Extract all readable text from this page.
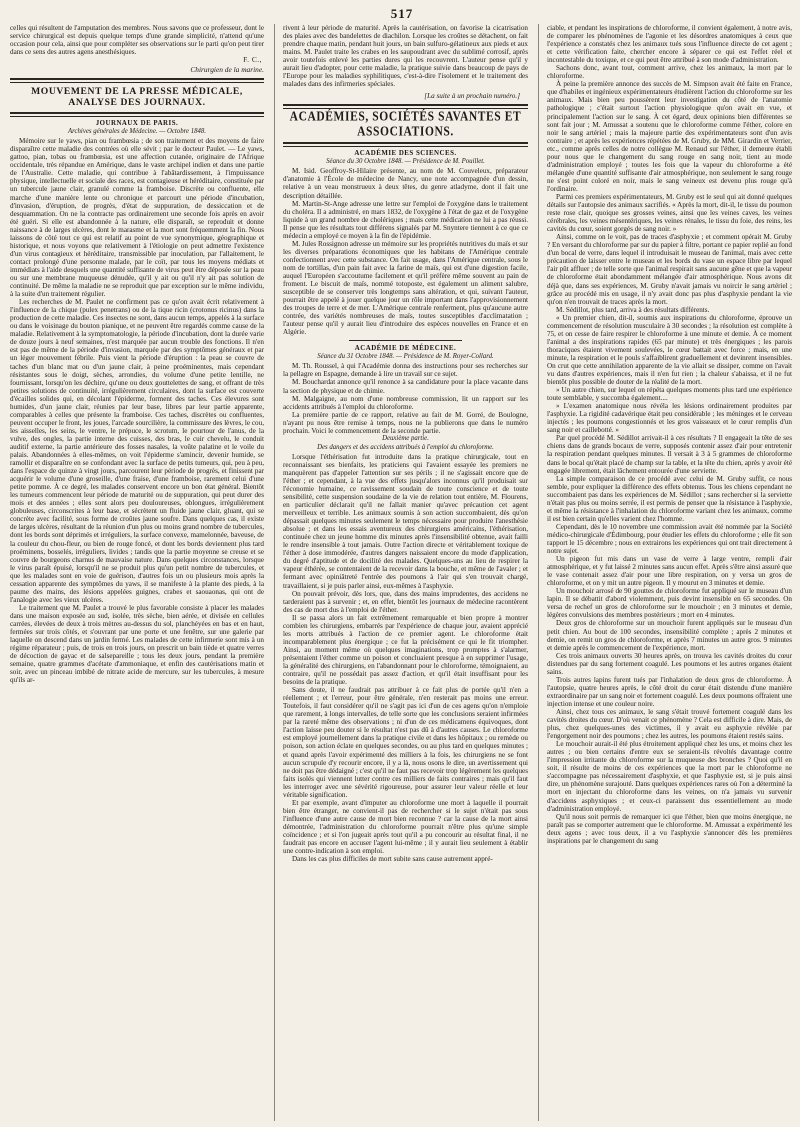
517

celles qui résultent de l'amputation des membres. Nous savons que ce professeur, dont le service chirurgical est depuis quelque temps d'une grande simplicité, n'attend qu'une occasion pour cela, ainsi que pour compléter ses observations sur le parti qu'on peut tirer dans ce sens des autres agens anesthésiques.

F. C.,
Chirurgien de la marine.
MOUVEMENT DE LA PRESSE MÉDICALE, ANALYSE DES JOURNAUX.
JOURNAUX DE PARIS.
Archives générales de Médecine. — Octobre 1848.

Mémoire sur le yaws, pian ou frambœsia ; de son traitement et des moyens de faire disparaître cette maladie des contrées où elle sévit ; par le docteur Paulet. — Le yaws, gattoo, pian, tobas ou frambœsia, est une affection cutanée, originaire de l'Afrique occidentale, très répandue en Amérique, dans le vaste archipel indien et dans une partie de l'Australie. Cette maladie, qui contribue à l'abâtardissement, à l'impuissance physique, intellectuelle et sociale des races, est contagieuse et héréditaire, constituée par un tubercule jaune clair, granulé comme la framboise. Discrète ou confluente, elle marche d'une manière lente ou chronique et parcourt une période d'incubation, d'invasion, d'éruption, de progrès, d'état de suppuration, de dessiccation et de desquammation. On ne la contracte pas ordinairement une seconde fois après en avoir été guéri. Si elle est abandonnée à la nature, elle disparaît, se reproduit et donne naissance à de larges ulcères, dont le marasme et la mort sont fréquemment la fin. Nous laissons de côté tout ce qui est relatif au point de vue synonymique, géographique et historique, et nous voyons que relativement à l'étiologie on peut admettre l'existence d'un virus contagieux et héréditaire, transmissible par inoculation, par l'allaitement, le contact prolongé d'une personne malade, par le coït, par tous les moyens médiats et immédiats à l'aide desquels une quantité suffisante de virus peut être déposée sur la peau ou sur une membrane muqueuse dénudée, qu'il y ait ou qu'il n'y ait pas solution de continuité. De même la maladie ne se reproduit que par exception sur le même individu, à la suite d'un traitement régulier.

Les recherches de M. Paulet ne confirment pas ce qu'on avait écrit relativement à l'influence de la chique (pulex penetrans) ou de la tique ricin (crotonus ricinus) dans la production de cette maladie. Ces insectes ne sont, dans aucun temps, appelés à la surface ou dans le voisinage du bouton pianique, et ne peuvent être regardés comme cause de la maladie. Relativement à la symptomatologie, la période d'incubation, dont la durée varie de douze jours à neuf semaines, n'est marquée par aucun trouble des fonctions. Il n'en est pas de même de la période d'invasion, marquée par des symptômes généraux et par un léger mouvement fébrile. Puis vient la période d'éruption : la peau se couvre de taches d'un blanc mat ou d'un jaune clair, à peine proéminentes, mais cependant résistantes sous le doigt, sèches, arrondies, du volume d'une petite lentille, ne fournissant, lorsqu'on les déchire, qu'une ou deux gouttelettes de sang, et offrant de très petites solutions de continuité, irrégulièrement circulaires, dont la surface est couverte d'écailles solides qui, en décolant l'épiderme, forment des taches. Ces élevures sont humides, d'un jaune clair, réunies par leur base, libres par leur partie apparente, comparables à celles que présente la framboise. Ces taches, discrètes ou confluentes, peuvent occuper le front, les joues, l'arcade sourcilière, la commissure des lèvres, le cou, les aisselles, les seins, le ventre, le prépuce, le scrotum, le pourtour de l'anus, de la vulve, des ongles, la partie interne des cuisses, des bras, le cuir chevelu, le conduit auditif externe, la partie antérieure des fosses nasales, la voûte palatine et le voile du palais. Abandonnées à elles-mêmes, on voit l'épiderme s'amincir, devenir humide, se ramollir et disparaître en se confondant avec la surface de petits tumeurs, qui, peu à peu, dans l'espace de quinze à vingt jours, parcourent leur période de progrès, et finissent par acquérir le volume d'une groseille, d'une fraise, d'une framboise, rarement celui d'une petite pomme. À ce degré, les malades conservent encore un bon état général. Bientôt les tumeurs commencent leur période de maturité ou de suppuration, qui peut durer des mois et des années ; elles sont alors peu douloureuses, oblongues, irrégulièrement globuleuses, circonscrites à leur base, et sécrètent un fluide jaune clair, gluant, qui se concrète avec facilité, sous forme de croûtes jaune soufre. Dans quelques cas, il existe de larges ulcères, résultant de la réunion d'un plus ou moins grand nombre de tubercules, dont les bords sont déprimés et irréguliers, la surface convexe, mamelonnée, baveuse, de la couleur du chou-fleur, ou bien de rouge foncé, et dont les bords deviennent plus tard proéminens, bosselés, irréguliers, livides ; tandis que la partie moyenne se creuse et se couvre de bourgeons charnus de mauvaise nature. Dans quelques circonstances, lorsque le virus paraît épuisé, lorsqu'il ne se produit plus qu'un petit nombre de tubercules, et que les malades sont en voie de guérison, d'autres fois un ou plusieurs mois après la cessation apparente des symptômes du yaws, il se manifeste à la plante des pieds, à la paume des mains, des lésions appelées guignes, crabes et saouaonas, qui ont de l'analogie avec les vieux ulcères.

Le traitement que M. Paulet a trouvé le plus favorable consiste à placer les malades dans une maison exposée au sud, isolée, très sèche, bien aérée, et divisée en cellules carrées, élevées de deux à trois mètres au-dessus du sol, planchéyées en bas et en haut, fermées sur trois côtés, et s'ouvrant par une porte et une fenêtre, sur une galerie par laquelle on descend dans un jardin fermé. Les malades de cette infirmerie sont mis à un régime réparateur ; puis, de trois en trois jours, on prescrit un bain tiède et quatre verres de décoction de gayac et de salsepareille ; tous les deux jours, pendant la première semaine, quatre grammes d'acétate d'ammoniaque, et enfin des cautérisations matin et soir, avec un pinceau imbibé de nitrate acide de mercure, sur les tubercules, à mesure qu'ils ar-

rivent à leur période de maturité. Après la cautérisation, on favorise la cicatrisation des plaies avec des bandelettes de diachilon. Lorsque les croûtes se détachent, on fait prendre chaque matin, pendant huit jours, un bain sulfuro-gélatineux aux pieds et aux mains. M. Paulet traite les crabes en les saupoudrant avec du sublimé corrosif, après avoir toutefois enlevé les parties dures qui les recouvrent. L'auteur pense qu'il y aurait lieu d'adopter, pour cette maladie, la pratique suivie dans beaucoup de pays de l'Europe pour les maladies syphilitiques, c'est-à-dire l'isolement et le traitement des malades dans des infirmeries spéciales.

[La suite à un prochain numéro.]
ACADÉMIES, SOCIÉTÉS SAVANTES ET ASSOCIATIONS.
ACADÉMIE DES SCIENCES.
Séance du 30 Octobre 1848. — Présidence de M. Pouillet.

M. Isid. Geoffroy-St-Hilaire présente, au nom de M. Couveleux, préparateur d'anatomie à l'École de médecine de Nancy, une note accompagnée d'un dessin, relative à un veau monstrueux à deux têtes, du genre atladyme, dont il fait une description détaillée.

M. Martin-St-Ange adresse une lettre sur l'emploi de l'oxygène dans le traitement du choléra. Il a administré, en mars 1832, de l'oxygène à l'état de gaz et de l'oxygène liquide à un grand nombre de cholériques ; mais cette médication ne lui a pas réussi. Il pense que les résultats tout différens signalés par M. Snyntere tiennent à ce que ce médecin a employé ce moyen à la fin de l'épidémie.

M. Jules Rossignon adresse un mémoire sur les propriétés nutritives du maïs et sur les diverses préparations économiques que les habitans de l'Amérique centrale confectionnent avec cette substance. On fait usage, dans l'Amérique centrale, sous le nom de tortillas, d'un pain fait avec la farine de maïs, qui est d'une digestion facile, auquel l'Européen s'accoutume facilement et qu'il préfère même souvent au pain de froment. Le biscuit de maïs, nommé totoposte, est également un aliment salubre, susceptible de se conserver très longtemps sans altération, et qui, suivant l'auteur, pourrait être appelé à jouer quelque jour un rôle important dans l'approvisionnement des troupes de terre et de mer. L'Amérique centrale renferment, plus qu'aucune autre contrée, des variétés nombreuses de maïs, toutes susceptibles d'acclimatation ; l'auteur pense qu'il y aurait lieu d'introduire des espèces nouvelles en France et en Algérie.

ACADÉMIE DE MÉDECINE.
Séance du 31 Octobre 1848. — Présidence de M. Royer-Collard.

M. Th. Roussel, à qui l'Académie donna des instructions pour ses recherches sur la pellagre en Espagne, demande à lire un travail sur ce sujet.

M. Bouchardat annonce qu'il renonce à sa candidature pour la place vacante dans la section de physique et de chimie.

M. Malgaigne, au nom d'une nombreuse commission, lit un rapport sur les accidents attribués à l'emploi du chloroforme.

La première partie de ce rapport, relative au fait de M. Gorré, de Boulogne, n'ayant pu nous être remise à temps, nous ne la publierons que dans le numéro prochain. Voici le commencement de la seconde partie.

Deuxième partie.
Des dangers et des accidens attribués à l'emploi du chloroforme.

Lorsque l'éthérisation fut introduite dans la pratique chirurgicale, tout en reconnaissant ses bienfaits, les praticiens qui l'avaient essayée les premiers ne manquèrent pas d'appeler l'attention sur ses périls ; il ne s'agissait encore que de l'éther ; et cependant, à la vue des effets jusqu'alors inconnus qu'il produisait sur l'économie humaine, ce ravissement soudain de toute conscience et de toute sensibilité, cette suspension soudaine de la vie de relation tout entière, M. Flourens, en particulier déclarait qu'il ne fallait manier qu'avec précaution cet agent merveilleux et terrible. Les animaux soumis à son action succombaient, dès qu'on dépassait quelques minutes seulement le temps nécessaire pour produire l'anesthésie absolue ; et dans les essais aventureux des chirurgiens américains, l'éthérisation, continuée chez un jeune homme dix minutes après l'insensibilité obtenue, avait failli le rendre insensible à tout jamais. Outre l'action directe et véritablement toxique de l'éther à dose immodérée, d'autres dangers naissaient encore du mode d'application, du degré d'aptitude et de docilité des malades. Quelques-uns au lieu de respirer la vapeur éthérée, se contentaient de la recevoir dans la bouche, et même de l'avaler ; et fermant avec opiniâtreté l'entrée des poumons à l'air qui s'en trouvait chargé, travaillaient, si je puis parler ainsi, eux-mêmes à l'asphyxie.

On pouvait prévoir, dès lors, que, dans des mains imprudentes, des accidens ne tarderaient pas à survenir ; et, en effet, bientôt les journaux de médecine racontèrent des cas de mort dus à l'emploi de l'éther.

Il se passa alors un fait extrêmement remarquable et bien propre à montrer combien les chirurgiens, embarrés par l'expérience de chaque jour, avaient apprécié les morts attribués à l'action de ce premier agent. Le chloroforme était incomparablement plus énergique ; ce fut la précisément ce qui le fit triompher. Ainsi, au moment même où quelques imaginations, trop promptes à s'alarmer, présentaient l'éther comme un poison et concluaient presque à en supprimer l'usage, la généralité des chirurgiens, en l'abandonnant pour le chloroforme, témoignaient, au contraire, qu'il ne possédait pas assez d'action, et qu'il était insuffisant pour les besoins de la pratique.

Sans doute, il ne faudrait pas attribuer à ce fait plus de portée qu'il n'en a réellement ; et l'erreur, pour être générale, n'en resterait pas moins une erreur. Toutefois, il faut considérer qu'il ne s'agit pas ici d'un de ces agens qu'on n'emploie que rarement, à longs intervalles, de telle sorte que les conclusions seraient infirmées par la rareté même des observations ; ni d'un de ces médicamens équivoques, dont l'action laisse peu douter si le résultat n'est pas dû à d'autres causes. Le chloroforme est employé journellement dans la pratique civile et dans les hôpitaux ; ou remède ou poison, son action éclate en quelques secondes, ou au plus tard en quelques minutes ; et quand après l'avoir expérimenté des milliers à la fois, les chirurgiens ne se font aucun scrupule d'y recourir encore, il y a là, nous osons le dire, un avertissement qui ne doit pas être dédaigné ; c'est qu'il ne faut pas recevoir trop légèrement les quelques faits isolés qui viennent lutter contre ces milliers de faits contraires ; mais qu'il faut les interroger avec une sévérité rigoureuse, pour assurer leur valeur réelle et leur véritable signification.

Et par exemple, avant d'imputer au chloroforme une mort à laquelle il pourrait bien être étranger, ne convient-il pas de rechercher si le sujet n'était pas sous l'influence d'une autre cause de mort bien reconnue ? car la cause de la mort ainsi démontrée, l'administration du chloroforme pourrait n'être plus qu'une simple coïncidence ; et si l'on jugeait après tout qu'il a pu concourir au résultat final, il ne faudrait pas encore en accuser l'agent lui-même ; il y aurait lieu seulement à établir une contre-indication à son emploi.

Dans les cas plus difficiles de mort subite sans cause autrement appré-

ciable, et pendant les inspirations de chloroforme, il convient également, à notre avis, de comparer les phénomènes de l'agonie et les désordres anatomiques à ceux que l'expérience a constatés chez les animaux tués sous l'influence directe de cet agent ; et cette vérification faite, chercher encore à séparer ce qui est l'effet réel et incontestable du toxique, et ce qui peut être attribué à son mode d'administration.

Sachons donc, avant tout, comment arrive, chez les animaux, la mort par le chloroforme.

À peine la première annonce des succès de M. Simpson avait été faite en France, que d'habiles et ingénieux expérimentateurs étudièrent l'action du chloroforme sur les animaux. Mais bien peu poussèrent leur investigation du côté de l'anatomie pathologique ; c'était surtout l'action physiologique qu'on avait en vue, et principalement l'action sur le sang. À cet égard, deux opinions bien différentes se sont fait jour ; M. Amussat a soutenu que le chloroforme comme l'éther, colore en noir le sang artériel ; mais la majeure partie des expérimentateurs sont d'un avis contraire ; et après les expériences répétées de M. Gruby, de MM. Girardin et Verrier, etc., comme après celles de notre collègue M. Renaud sur l'éther, il demeure établi pour nous que le changement du sang rouge en sang noir, tient au mode d'administration employé ; toutes les fois que la vapeur du chloroforme a été mélangée d'une quantité suffisante d'air atmosphérique, non seulement le sang rouge ne s'est point coloré en noir, mais le sang veineux est devenu plus rouge qu'à l'ordinaire.

Parmi ces premiers expérimentateurs, M. Gruby est le seul qui ait donné quelques détails sur l'autopsie des animaux sacrifiés. « Après la mort, dit-il, le tissu du poumon reste rose clair, quoique ses grosses veines, ainsi que les veines caves, les veines cérébrales, les veines mésentériques, les veines rénales, le tissu du foie, des reins, les cavités du cœur, soient gorgés de sang noir. »

Ainsi, comme on le voit, pas de traces d'asphyxie ; et comment opérait M. Gruby ? En versant du chloroforme par sur du papier à filtre, portant ce papier replié au fond d'un bocal de verre, dans lequel il introduisait le museau de l'animal, mais avec cette précaution de laisser entre le museau et les bords du vase un espace libre par lequel l'air pût affluer ; de telle sorte que l'animal respirait sans aucune gêne et que la vapeur de chloroforme était abondamment mélangée d'air atmosphérique. Nous avons dit déjà que, dans ses expériences, M. Gruby n'avait jamais vu noircir le sang artériel ; grâce au procédé mis en usage, il n'y avait donc pas plus d'asphyxie pendant la vie qu'on n'en trouvait de traces après la mort.

M. Sédillot, plus tard, arriva à des résultats différents.

« Un premier chien, dit-il, soumis aux inspirations du chloroforme, éprouve un commencement de résolution musculaire à 30 secondes ; la résolution est complète à 75, et on cesse de faire respirer le chloroforme à une minute et demie. À ce moment l'animal a des inspirations rapides (65 par minute) et très énergiques ; les parois thoraciques étaient vivement soulevées, le cœur battait avec force ; mais, en une minute, la respiration et le pouls s'affaiblirent graduellement et devinrent insensibles. On crut que cette annihilation apparente de la vie allait se dissiper, comme on l'avait vu dans d'autres expériences, mais il n'en fut rien ; la chaleur s'abaissa, et il ne fut bientôt plus possible de douter de la réalité de la mort.

» Un autre chien, sur lequel on répéta quelques moments plus tard une expérience toute semblable, y succomba également....

» L'examen anatomique nous révéla les lésions ordinairement produites par l'asphyxie. La rigidité cadavérique était peu considérable ; les méninges et le cerveau injectés ; les poumons congestionnés et les gros vaisseaux et le cœur remplis d'un sang noir et caillebotté. »

Par quel procédé M. Sédillot arrivait-il à ces résultats ? Il engageait la tête de ses chiens dans de grands bocaux de verre, supposés contenir assez d'air pour entretenir la respiration pendant quelques minutes. Il versait à 3 à 5 grammes de chloroforme dans le bocal qu'était placé de champ sur la table, et la tête du chien, après y avoir été engagée librement, était lâchement entourée d'une serviette.

La simple comparaison de ce procédé avec celui de M. Gruby suffit, ce nous semble, pour expliquer la différence des effets obtenus. Tous les chiens cependant ne succombaient pas dans les expériences de M. Sédillot ; sans rechercher si la serviette n'était pas plus ou moins serrée, il est permis de penser que la résistance à l'asphyxie, et même la résistance à l'inhalation du chloroforme variant chez les animaux, comme il est bien certain qu'elles varient chez l'homme.

Cependant, dès le 10 novembre une commission avait été nommée par la Société médico-chirurgicale d'Édimbourg, pour étudier les effets du chloroforme ; elle fit son rapport le 15 décembre ; nous en extrairons les expériences qui ont trait directement à notre sujet.

Un pigeon fut mis dans un vase de verre à large ventre, rempli d'air atmosphérique, et y fut laissé 2 minutes sans aucun effet. Après s'être ainsi assuré que le vase contenait assez d'air pour une libre respiration, on y versa un gros de chloroforme, et on y mit un autre pigeon. Il y mourut en 3 minutes et demie.

Un mouchoir arrosé de 90 gouttes de chloroforme fut appliqué sur le museau d'un lapin. Il se débattit d'abord violemment, puis devint insensible en 65 secondes. On versa de rechef un gros de chloroforme sur le mouchoir ; en 3 minutes et demie, légères convulsions des membres postérieurs ; mort en 4 minutes.

Deux gros de chloroforme sur un mouchoir furent appliqués sur le museau d'un petit chien. Au bout de 100 secondes, insensibilité complète ; après 2 minutes et demie, on remit un gros de chloroforme, et après 7 minutes un autre gros. 9 minutes et demie après le commencement de l'expérience, mort.

Ces trois animaux ouverts 30 heures après, on trouva les cavités droites du cœur distendues par du sang fortement coagulé. Les poumons et les autres organes étaient sains.

Trois autres lapins furent tués par l'inhalation de deux gros de chloroforme. À l'autopsie, quatre heures après, le côté droit du cœur était distendu d'une manière extraordinaire par un sang noir et fortement coagulé. Les deux poumons offraient une injection intense et une couleur noire.

Ainsi, chez tous ces animaux, le sang s'était trouvé fortement coagulé dans les cavités droites du cœur. D'où venait ce phénomène ? Cela est difficile à dire. Mais, de plus, chez quelques-unes des victimes, il y avait eu asphyxie révélée par l'engorgement noir des poumons ; chez les autres, les poumons étaient restés sains.

Le mouchoir aurait-il été plus étroitement appliqué chez les uns, et moins chez les autres ; ou bien certains d'entre eux se seraient-ils révoltés davantage contre l'impression irritante du chloroforme sur la muqueuse des bronches ? Quoi qu'il en soit, il résulte de moins de ces expériences que la mort par le chloroforme ne s'accompagne pas nécessairement d'asphyxie, et que l'asphyxie est, si je puis ainsi dire, un phénomène surajouté. Dans quelques expériences rares où l'on a déterminé la mort en injectant du chloroforme dans les veines, on n'a jamais vu survenir d'accidens asphyxiques ; et ceux-ci paraissent dus essentiellement au mode d'administration employé.

Qu'il nous soit permis de remarquer ici que l'éther, bien que moins énergique, ne paraît pas se comporter autrement que le chloroforme. M. Amussat a expérimenté les deux agens ; avec tous deux, il a vu l'asphyxie s'annoncer dès les premières inspirations par le changement du sang
